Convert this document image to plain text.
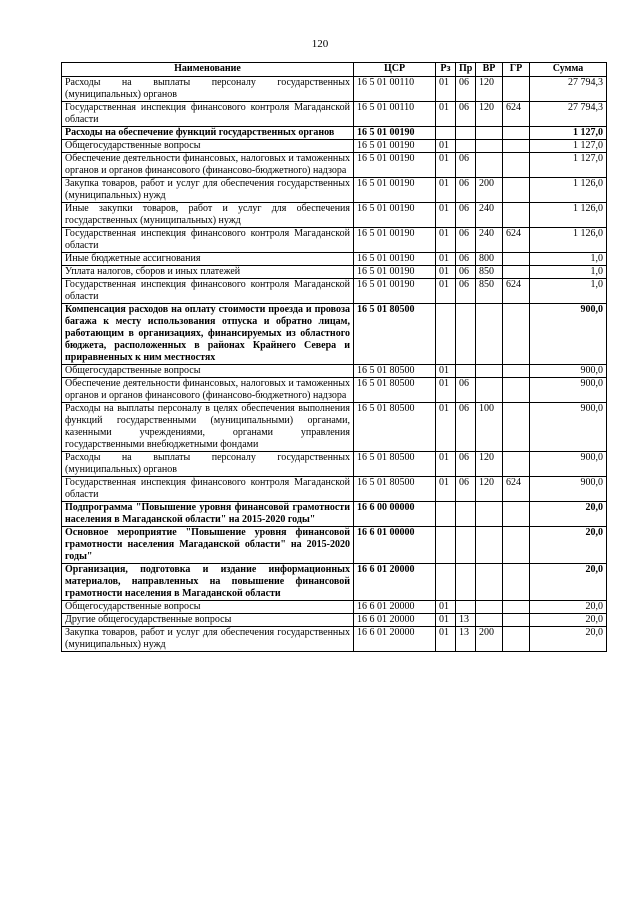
120
Наименование	ЦСР	Рз	Пр	ВР	ГР	Сумма
Расходы на выплаты персоналу государственных (муниципальных) органов	16 5 01 00110	01	06	120		27 794,3
Государственная инспекция финансового контроля Магаданской области	16 5 01 00110	01	06	120	624	27 794,3
Расходы на обеспечение функций государственных органов	16 5 01 00190					1 127,0
Общегосударственные вопросы	16 5 01 00190	01				1 127,0
Обеспечение деятельности финансовых, налоговых и таможенных органов и органов финансового (финансово-бюджетного) надзора	16 5 01 00190	01	06			1 127,0
Закупка товаров, работ и услуг для обеспечения государственных (муниципальных) нужд	16 5 01 00190	01	06	200		1 126,0
Иные закупки товаров, работ и услуг для обеспечения государственных (муниципальных) нужд	16 5 01 00190	01	06	240		1 126,0
Государственная инспекция финансового контроля Магаданской области	16 5 01 00190	01	06	240	624	1 126,0
Иные бюджетные ассигнования	16 5 01 00190	01	06	800		1,0
Уплата налогов, сборов и иных платежей	16 5 01 00190	01	06	850		1,0
Государственная инспекция финансового контроля Магаданской области	16 5 01 00190	01	06	850	624	1,0
Компенсация расходов на оплату стоимости проезда и провоза багажа к месту использования отпуска и обратно лицам, работающим в организациях, финансируемых из областного бюджета, расположенных в районах Крайнего Севера и приравненных к ним местностях	16 5 01 80500					900,0
Общегосударственные вопросы	16 5 01 80500	01				900,0
Обеспечение деятельности финансовых, налоговых и таможенных органов и органов финансового (финансово-бюджетного) надзора	16 5 01 80500	01	06			900,0
Расходы на выплаты персоналу в целях обеспечения выполнения функций государственными (муниципальными) органами, казенными учреждениями, органами управления государственными внебюджетными фондами	16 5 01 80500	01	06	100		900,0
Расходы на выплаты персоналу государственных (муниципальных) органов	16 5 01 80500	01	06	120		900,0
Государственная инспекция финансового контроля Магаданской области	16 5 01 80500	01	06	120	624	900,0
Подпрограмма "Повышение уровня финансовой грамотности населения в Магаданской области" на 2015-2020 годы"	16 6 00 00000					20,0
Основное мероприятие "Повышение уровня финансовой грамотности населения Магаданской области" на 2015-2020 годы"	16 6 01 00000					20,0
Организация, подготовка и издание информационных материалов, направленных на повышение финансовой грамотности населения в Магаданской области	16 6 01 20000					20,0
Общегосударственные вопросы	16 6 01 20000	01				20,0
Другие общегосударственные вопросы	16 6 01 20000	01	13			20,0
Закупка товаров, работ и услуг для обеспечения государственных (муниципальных) нужд	16 6 01 20000	01	13	200		20,0
